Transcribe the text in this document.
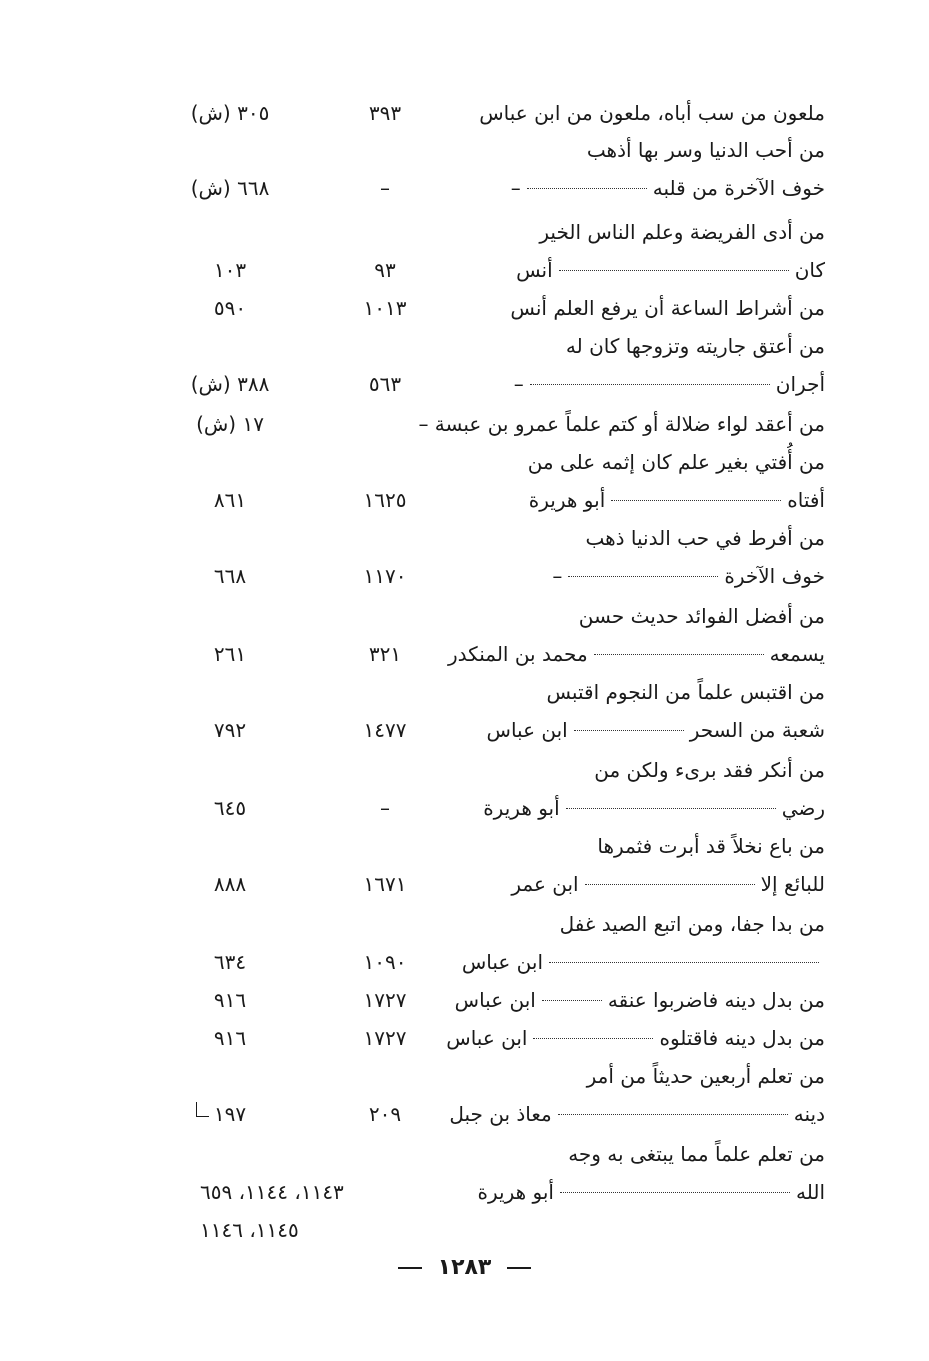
ملعون من سب أباه، ملعون من ابن عباس
٣٩٣
٣٠٥ (ش)
من أحب الدنيا وسر بها أذهب
خوف الآخرة من قلبه
–
–
٦٦٨ (ش)
من أدى الفريضة وعلم الناس الخير
كان
أنس
٩٣
١٠٣
من أشراط الساعة أن يرفع العلم أنس
١٠١٣
٥٩٠
من أعتق جاريته وتزوجها كان له
أجران
–
٥٦٣
٣٨٨ (ش)
من أعقد لواء ضلالة أو كتم علماً عمرو بن عبسة –
١٧ (ش)
من أُفتي بغير علم كان إثمه على من
أفتاه
أبو هريرة
١٦٢٥
٨٦١
من أفرط في حب الدنيا ذهب
خوف الآخرة
–
١١٧٠
٦٦٨
من أفضل الفوائد حديث حسن
يسمعه
محمد بن المنكدر
٣٢١
٢٦١
من اقتبس علماً من النجوم اقتبس
شعبة من السحر
ابن عباس
١٤٧٧
٧٩٢
من أنكر فقد برىء ولكن من
رضي
أبو هريرة
–
٦٤٥
من باع نخلاً قد أبرت فثمرها
للبائع إلا
ابن عمر
١٦٧١
٨٨٨
من بدا جفا، ومن اتبع الصيد غفل
ابن عباس
١٠٩٠
٦٣٤
من بدل دينه فاضربوا عنقه
ابن عباس
١٧٢٧
٩١٦
من بدل دينه فاقتلوه
ابن عباس
١٧٢٧
٩١٦
من تعلم أربعين حديثاً من أمر
دينه
معاذ بن جبل
٢٠٩
١٩٧
من تعلم علماً مما يبتغى به وجه
الله
أبو هريرة
١١٤٣، ١١٤٤، ٦٥٩
١١٤٥، ١١٤٦
١٢٨٣
